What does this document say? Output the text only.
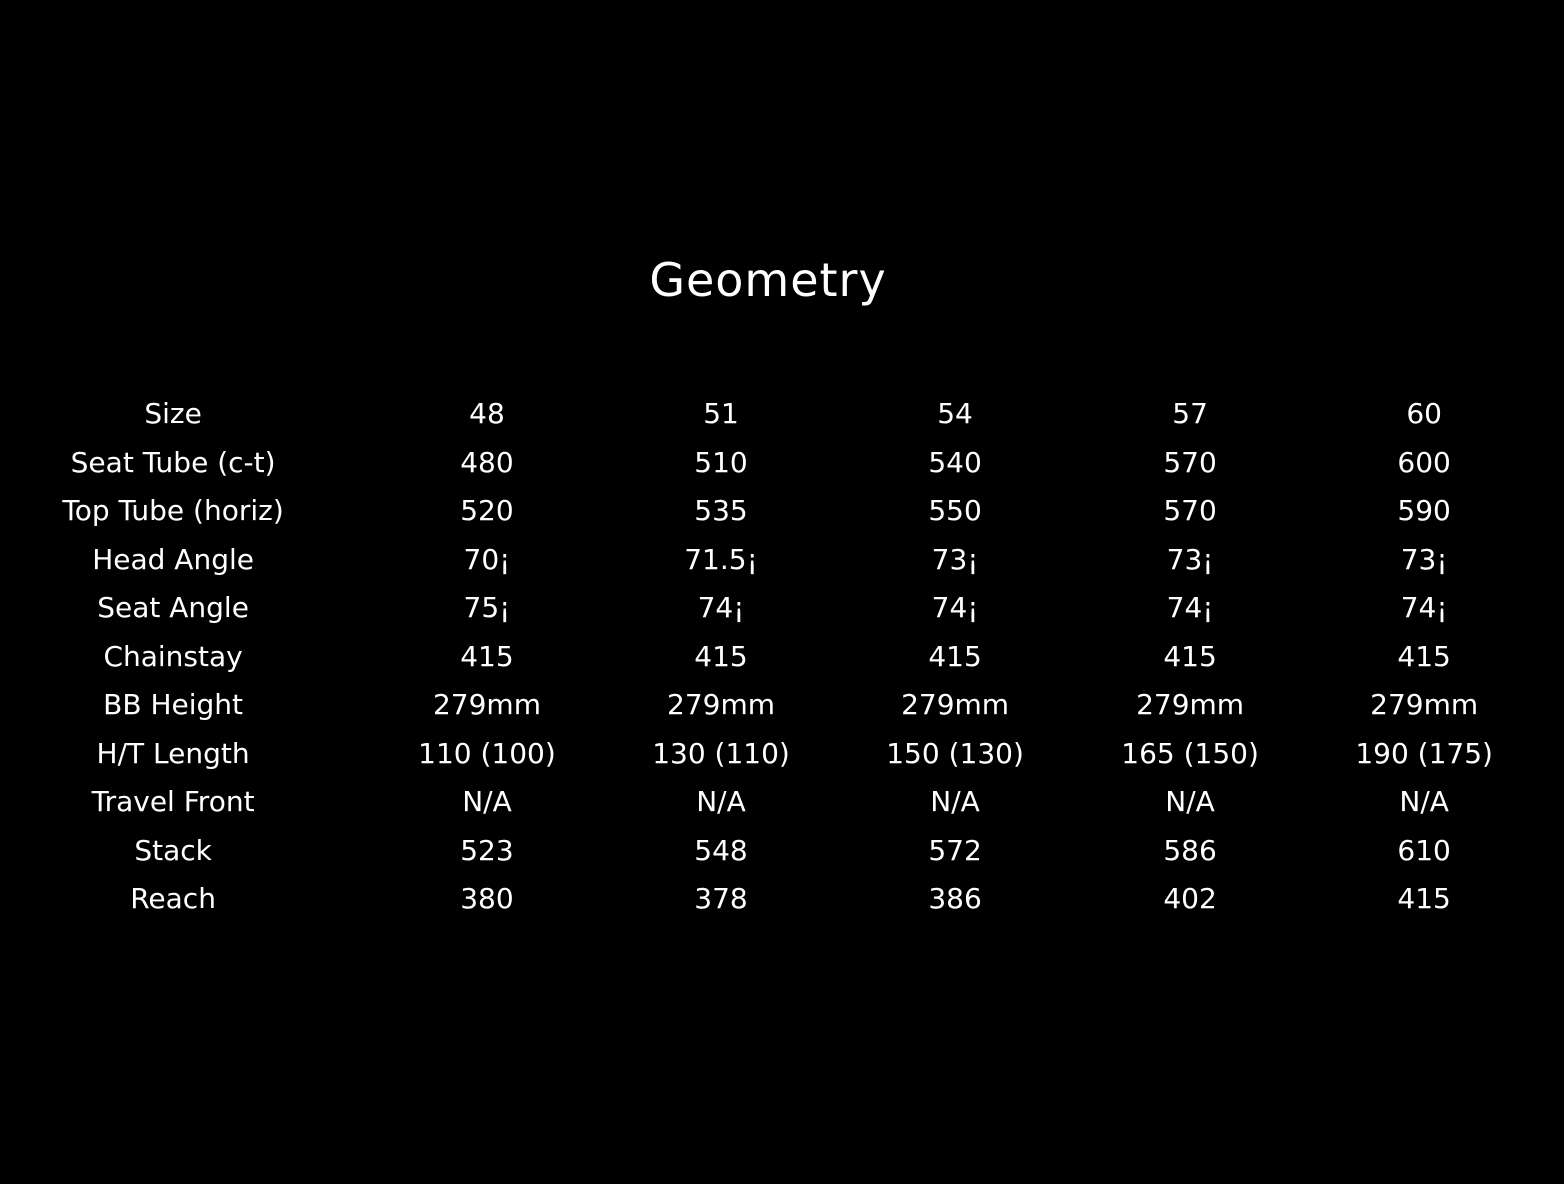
Geometry
Size	48	51	54	57	60
Seat Tube (c-t)	480	510	540	570	600
Top Tube (horiz)	520	535	550	570	590
Head Angle	70¡	71.5¡	73¡	73¡	73¡
Seat Angle	75¡	74¡	74¡	74¡	74¡
Chainstay	415	415	415	415	415
BB Height	279mm	279mm	279mm	279mm	279mm
H/T Length	110 (100)	130 (110)	150 (130)	165 (150)	190 (175)
Travel Front	N/A	N/A	N/A	N/A	N/A
Stack	523	548	572	586	610
Reach	380	378	386	402	415
